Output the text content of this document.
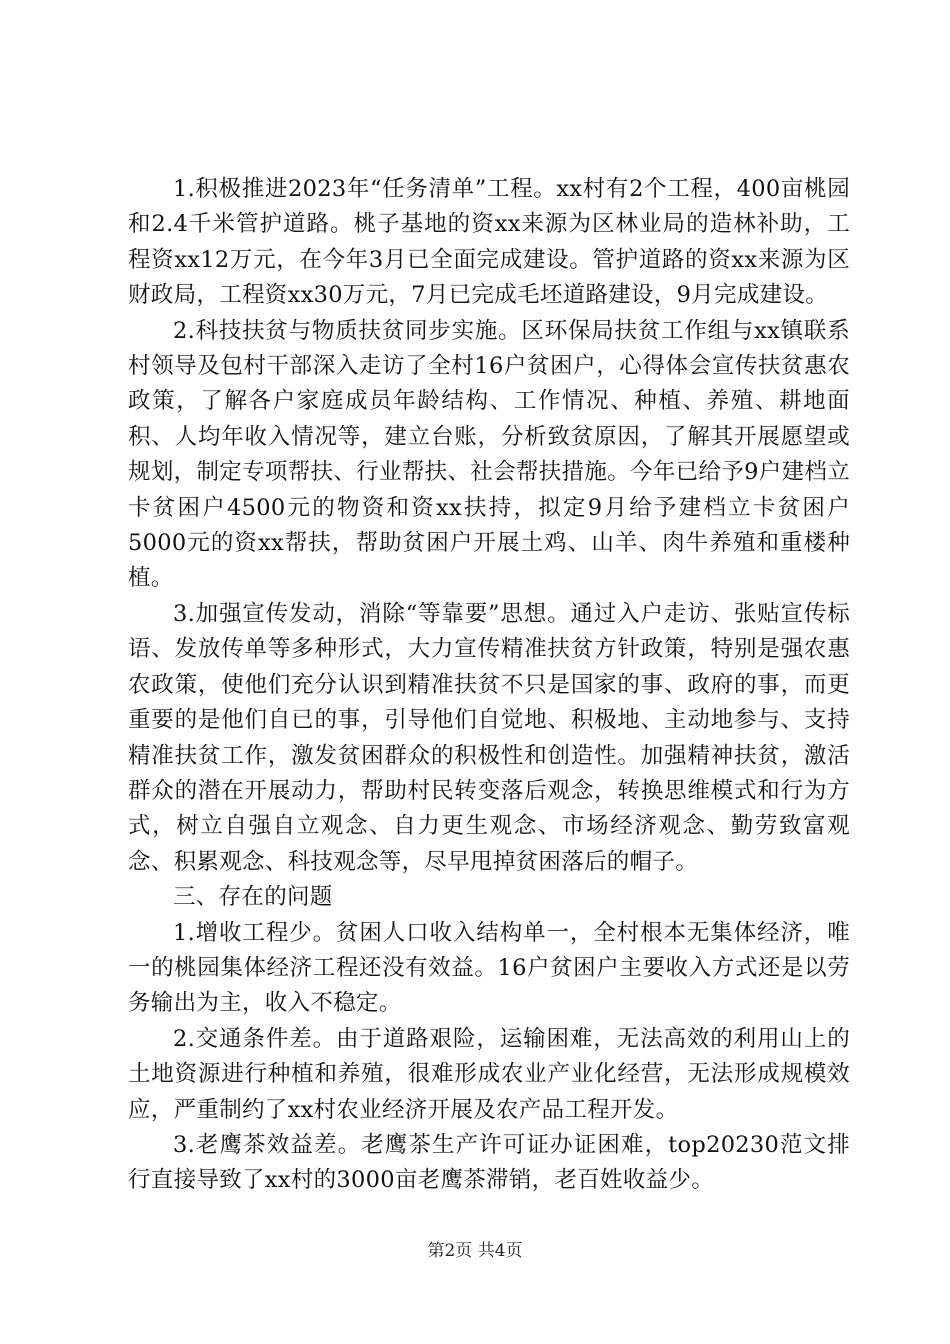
1.积极推进2023年“任务清单”工程。xx村有2个工程，400亩桃园和2.4千米管护道路。桃子基地的资xx来源为区林业局的造林补助，工程资xx12万元，在今年3月已全面完成建设。管护道路的资xx来源为区财政局，工程资xx30万元，7月已完成毛坯道路建设，9月完成建设。

2.科技扶贫与物质扶贫同步实施。区环保局扶贫工作组与xx镇联系村领导及包村干部深入走访了全村16户贫困户，心得体会宣传扶贫惠农政策，了解各户家庭成员年龄结构、工作情况、种植、养殖、耕地面积、人均年收入情况等，建立台账，分析致贫原因，了解其开展愿望或规划，制定专项帮扶、行业帮扶、社会帮扶措施。今年已给予9户建档立卡贫困户4500元的物资和资xx扶持，拟定9月给予建档立卡贫困户5000元的资xx帮扶，帮助贫困户开展土鸡、山羊、肉牛养殖和重楼种植。

3.加强宣传发动，消除“等靠要”思想。通过入户走访、张贴宣传标语、发放传单等多种形式，大力宣传精准扶贫方针政策，特别是强农惠农政策，使他们充分认识到精准扶贫不只是国家的事、政府的事，而更重要的是他们自已的事，引导他们自觉地、积极地、主动地参与、支持精准扶贫工作，激发贫困群众的积极性和创造性。加强精神扶贫，激活群众的潜在开展动力，帮助村民转变落后观念，转换思维模式和行为方式，树立自强自立观念、自力更生观念、市场经济观念、勤劳致富观念、积累观念、科技观念等，尽早甩掉贫困落后的帽子。

三、存在的问题

1.增收工程少。贫困人口收入结构单一，全村根本无集体经济，唯一的桃园集体经济工程还没有效益。16户贫困户主要收入方式还是以劳务输出为主，收入不稳定。

2.交通条件差。由于道路艰险，运输困难，无法高效的利用山上的土地资源进行种植和养殖，很难形成农业产业化经营，无法形成规模效应，严重制约了xx村农业经济开展及农产品工程开发。

3.老鹰茶效益差。老鹰茶生产许可证办证困难，top20230范文排行直接导致了xx村的3000亩老鹰茶滞销，老百姓收益少。

第2页 共4页
